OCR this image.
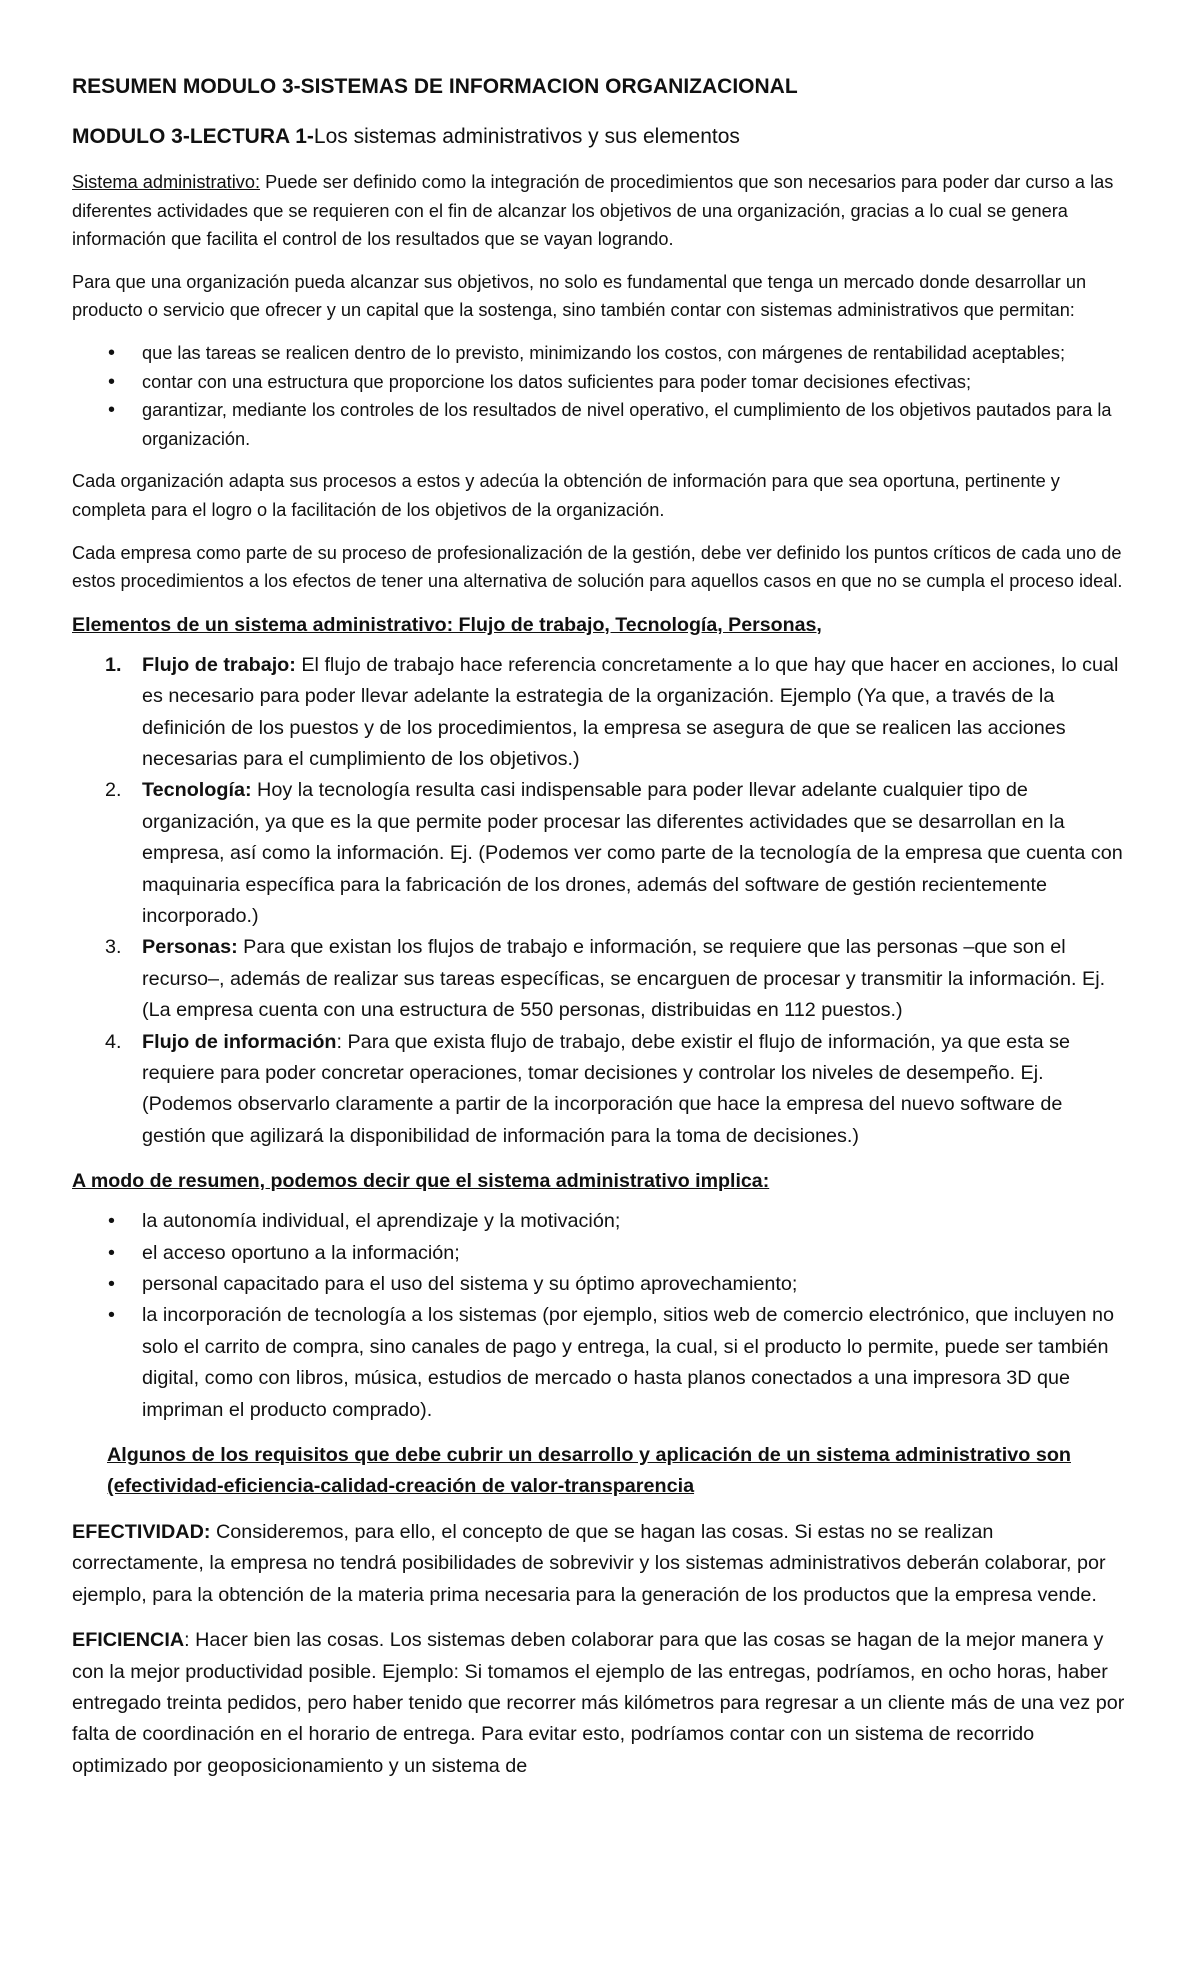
RESUMEN MODULO 3-SISTEMAS DE INFORMACION ORGANIZACIONAL
MODULO 3-LECTURA 1-Los sistemas administrativos y sus elementos

Sistema administrativo: Puede ser definido como la integración de procedimientos que son necesarios para poder dar curso a las diferentes actividades que se requieren con el fin de alcanzar los objetivos de una organización, gracias a lo cual se genera información que facilita el control de los resultados que se vayan logrando.

Para que una organización pueda alcanzar sus objetivos, no solo es fundamental que tenga un mercado donde desarrollar un producto o servicio que ofrecer y un capital que la sostenga, sino también contar con sistemas administrativos que permitan:

• que las tareas se realicen dentro de lo previsto, minimizando los costos, con márgenes de rentabilidad aceptables;
• contar con una estructura que proporcione los datos suficientes para poder tomar decisiones efectivas;
• garantizar, mediante los controles de los resultados de nivel operativo, el cumplimiento de los objetivos pautados para la organización.

Cada organización adapta sus procesos a estos y adecúa la obtención de información para que sea oportuna, pertinente y completa para el logro o la facilitación de los objetivos de la organización.

Cada empresa como parte de su proceso de profesionalización de la gestión, debe ver definido los puntos críticos de cada uno de estos procedimientos a los efectos de tener una alternativa de solución para aquellos casos en que no se cumpla el proceso ideal.

Elementos de un sistema administrativo: Flujo de trabajo, Tecnología, Personas,
1. Flujo de trabajo: El flujo de trabajo hace referencia concretamente a lo que hay que hacer en acciones, lo cual es necesario para poder llevar adelante la estrategia de la organización. Ejemplo (Ya que, a través de la definición de los puestos y de los procedimientos, la empresa se asegura de que se realicen las acciones necesarias para el cumplimiento de los objetivos.)
2. Tecnología: Hoy la tecnología resulta casi indispensable para poder llevar adelante cualquier tipo de organización, ya que es la que permite poder procesar las diferentes actividades que se desarrollan en la empresa, así como la información. Ej. (Podemos ver como parte de la tecnología de la empresa que cuenta con maquinaria específica para la fabricación de los drones, además del software de gestión recientemente incorporado.)
3. Personas: Para que existan los flujos de trabajo e información, se requiere que las personas –que son el recurso–, además de realizar sus tareas específicas, se encarguen de procesar y transmitir la información. Ej. (La empresa cuenta con una estructura de 550 personas, distribuidas en 112 puestos.)
4. Flujo de información: Para que exista flujo de trabajo, debe existir el flujo de información, ya que esta se requiere para poder concretar operaciones, tomar decisiones y controlar los niveles de desempeño. Ej. (Podemos observarlo claramente a partir de la incorporación que hace la empresa del nuevo software de gestión que agilizará la disponibilidad de información para la toma de decisiones.)
A modo de resumen, podemos decir que el sistema administrativo implica:
• la autonomía individual, el aprendizaje y la motivación;
• el acceso oportuno a la información;
• personal capacitado para el uso del sistema y su óptimo aprovechamiento;
• la incorporación de tecnología a los sistemas (por ejemplo, sitios web de comercio electrónico, que incluyen no solo el carrito de compra, sino canales de pago y entrega, la cual, si el producto lo permite, puede ser también digital, como con libros, música, estudios de mercado o hasta planos conectados a una impresora 3D que impriman el producto comprado).
Algunos de los requisitos que debe cubrir un desarrollo y aplicación de un sistema administrativo son (efectividad-eficiencia-calidad-creación de valor-transparencia

EFECTIVIDAD: Consideremos, para ello, el concepto de que se hagan las cosas. Si estas no se realizan correctamente, la empresa no tendrá posibilidades de sobrevivir y los sistemas administrativos deberán colaborar, por ejemplo, para la obtención de la materia prima necesaria para la generación de los productos que la empresa vende.

EFICIENCIA: Hacer bien las cosas. Los sistemas deben colaborar para que las cosas se hagan de la mejor manera y con la mejor productividad posible. Ejemplo: Si tomamos el ejemplo de las entregas, podríamos, en ocho horas, haber entregado treinta pedidos, pero haber tenido que recorrer más kilómetros para regresar a un cliente más de una vez por falta de coordinación en el horario de entrega. Para evitar esto, podríamos contar con un sistema de recorrido optimizado por geoposicionamiento y un sistema de
